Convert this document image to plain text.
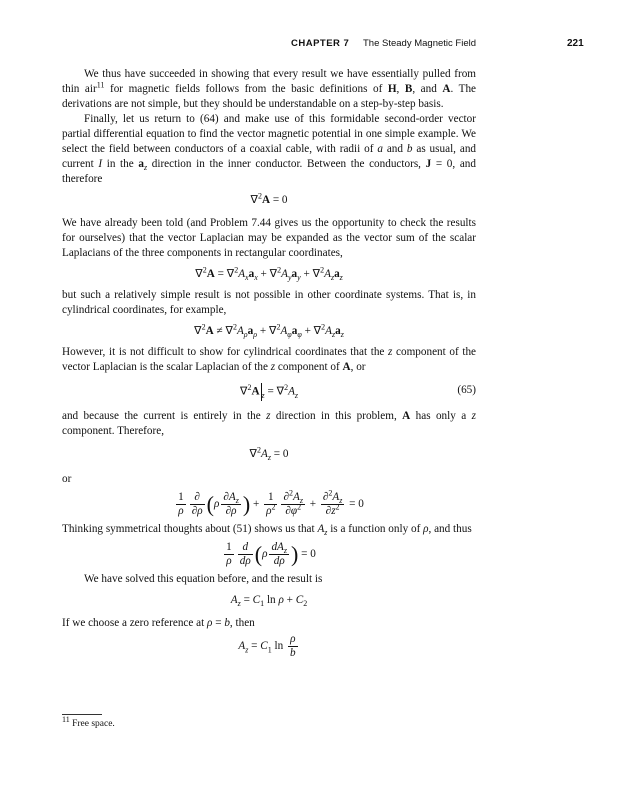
CHAPTER 7 The Steady Magnetic Field	221

We thus have succeeded in showing that every result we have essentially pulled from thin air$^{11}$ for magnetic fields follows from the basic definitions of H, B, and A. The derivations are not simple, but they should be understandable on a step-by-step basis.

Finally, let us return to (64) and make use of this formidable second-order vector partial differential equation to find the vector magnetic potential in one simple example. We select the field between conductors of a coaxial cable, with radii of a and b as usual, and current I in the $a_z$ direction in the inner conductor. Between the conductors, J = 0, and therefore

∇$^2$A = 0

We have already been told (and Problem 7.44 gives us the opportunity to check the results for ourselves) that the vector Laplacian may be expanded as the vector sum of the scalar Laplacians of the three components in rectangular coordinates,

$\nabla^2A = \nabla^2A_xa_x + \nabla^2A_ya_y + \nabla^2A_za_z$

but such a relatively simple result is not possible in other coordinate systems. That is, in cylindrical coordinates, for example,

$\nabla^2A \ne \nabla^2A_\rho a_\rho + \nabla^2A_\varphi a_\varphi + \nabla^2A_za_z$

However, it is not difficult to show for cylindrical coordinates that the z component of the vector Laplacian is the scalar Laplacian of the z component of A, or

∇$^2$A $_z = \nabla^2A_z$	(65)

and because the current is entirely in the z direction in this problem, A has only a z component. Therefore,

$\nabla^2A_z = 0$

or

$\frac{1}{\rho} \frac{\partial}{\partial\rho} (\rho \frac{\partial A_z}{\partial\rho}$ ) + $\frac{1}{\rho^2} \frac{\partial^2A_z}{\partial\varphi^2} + \frac{\partial^2A_z}{\partial z^2} = 0$

Thinking symmetrical thoughts about (51) shows us that $A_z$ is a function only of ρ, and thus

$\frac{1}{\rho} \frac{d}{d\rho} (\rho \frac{dA_z}{d\rho}$ ) = 0

We have solved this equation before, and the result is

$A_z = C_1$ $\ln \rho + C_2$

If we choose a zero reference at ρ = b, then

$A_z = C_1$ $\ln \frac{\rho}{b}$
$^{11}$ Free space.
